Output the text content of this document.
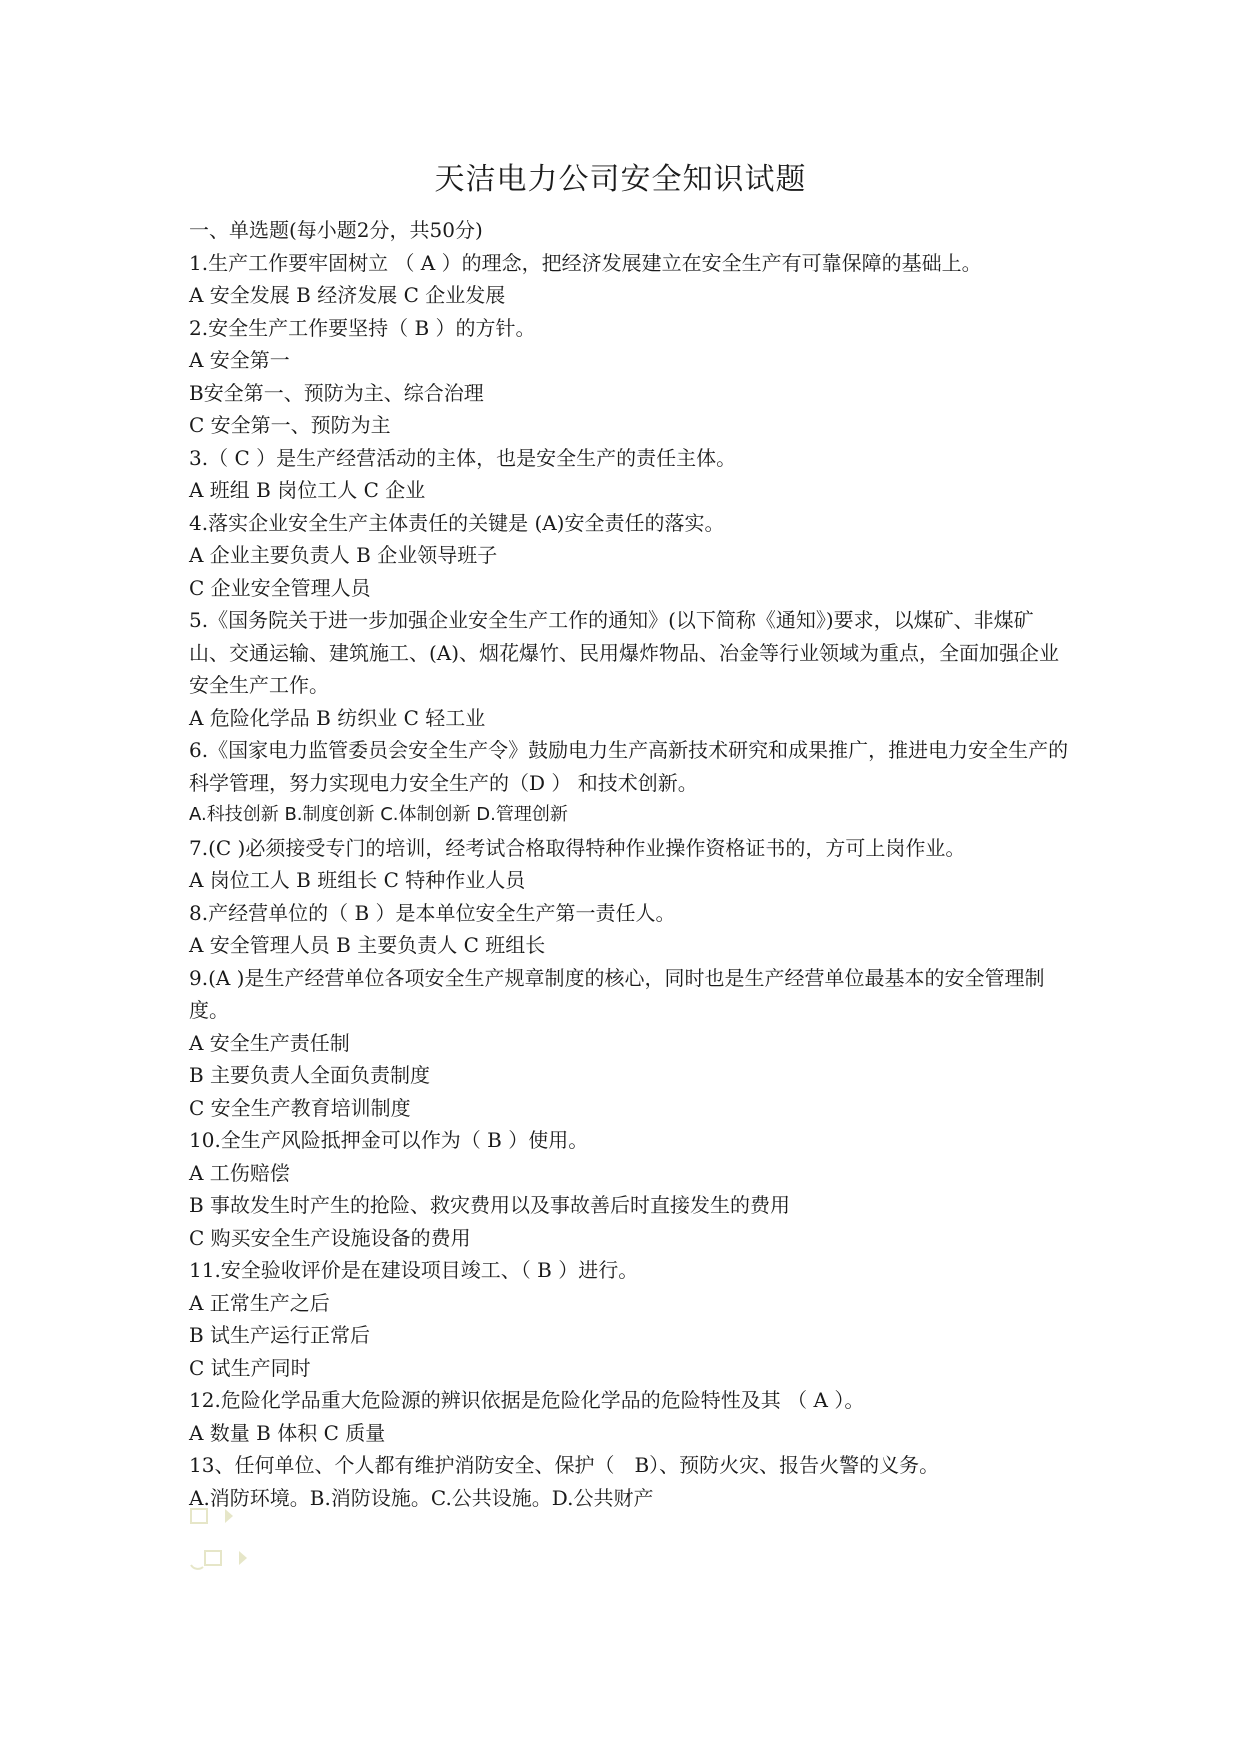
天洁电力公司安全知识试题
一、单选题(每小题2分，共50分)
1.生产工作要牢固树立 （ A ）的理念，把经济发展建立在安全生产有可靠保障的基础上。
A 安全发展 B 经济发展 C 企业发展
2.安全生产工作要坚持（ B ）的方针。
A 安全第一
B安全第一、预防为主、综合治理
C 安全第一、预防为主
3.（ C ）是生产经营活动的主体，也是安全生产的责任主体。
A 班组 B 岗位工人 C 企业
4.落实企业安全生产主体责任的关键是 (A)安全责任的落实。
A 企业主要负责人 B 企业领导班子
C 企业安全管理人员
5.《国务院关于进一步加强企业安全生产工作的通知》(以下简称《通知》)要求，以煤矿、非煤矿山、交通运输、建筑施工、(A)、烟花爆竹、民用爆炸物品、冶金等行业领域为重点，全面加强企业安全生产工作。
A 危险化学品 B 纺织业 C 轻工业
6.《国家电力监管委员会安全生产令》鼓励电力生产高新技术研究和成果推广，推进电力安全生产的科学管理，努力实现电力安全生产的（D ） 和技术创新。
A.科技创新 B.制度创新 C.体制创新 D.管理创新
7.(C )必须接受专门的培训，经考试合格取得特种作业操作资格证书的，方可上岗作业。
A 岗位工人 B 班组长 C 特种作业人员
8.产经营单位的（ B ）是本单位安全生产第一责任人。
A 安全管理人员 B 主要负责人 C 班组长
9.(A )是生产经营单位各项安全生产规章制度的核心，同时也是生产经营单位最基本的安全管理制度。
A 安全生产责任制
B 主要负责人全面负责制度
C 安全生产教育培训制度
10.全生产风险抵押金可以作为（ B ）使用。
A 工伤赔偿
B 事故发生时产生的抢险、救灾费用以及事故善后时直接发生的费用
C 购买安全生产设施设备的费用
11.安全验收评价是在建设项目竣工、（ B ）进行。
A 正常生产之后
B 试生产运行正常后
C 试生产同时
12.危险化学品重大危险源的辨识依据是危险化学品的危险特性及其 （ A ）。
A 数量 B 体积 C 质量
13、任何单位、个人都有维护消防安全、保护（　B）、预防火灾、报告火警的义务。
A.消防环境。B.消防设施。C.公共设施。D.公共财产
